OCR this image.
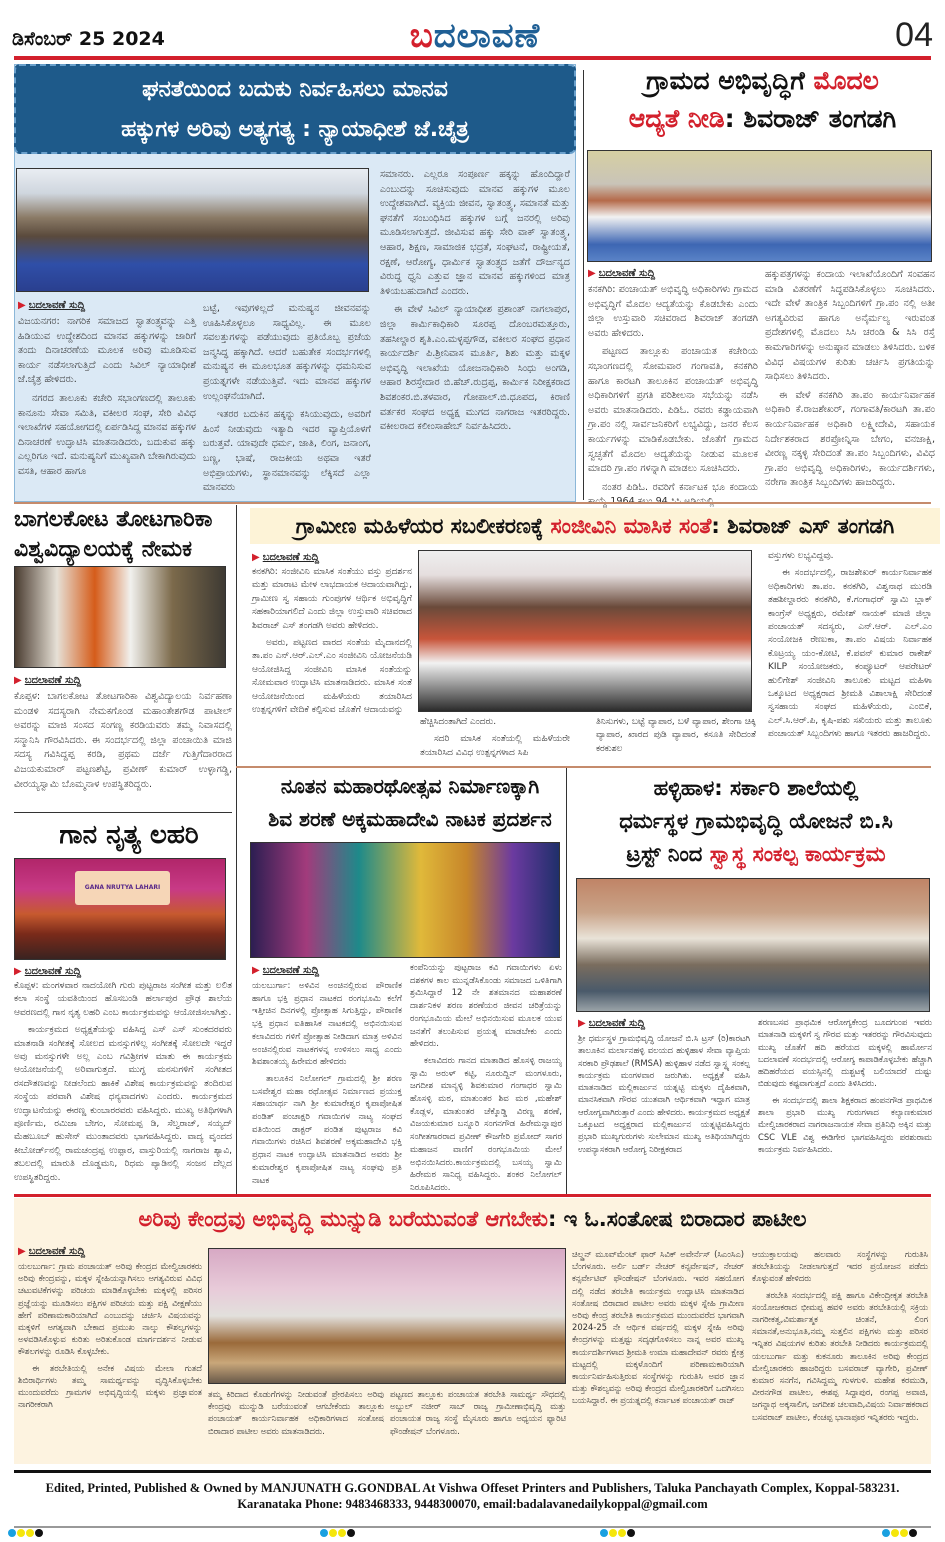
ಡಿಸೆಂಬರ್ 25 2024	ಬದಲಾವಣೆ	04
ಘನತೆಯಿಂದ ಬದುಕು ನಿರ್ವಹಿಸಲು ಮಾನವ
ಹಕ್ಕುಗಳ ಅರಿವು ಅತ್ಯಗತ್ಯ : ನ್ಯಾಯಾಧೀಶೆ ಜೆ.ಚೈತ್ರ
▶ ಬದಲಾವಣೆ ಸುದ್ದಿ

ವಿಜಯನಗರ: ನಾಗರಿಕ ಸಮಾಜದ ಸ್ವಾತಂತ್ರ್ಯವನ್ನು ಎತ್ತಿ ಹಿಡಿಯುವ ಉದ್ದೇಶದಿಂದ ಮಾನವ ಹಕ್ಕುಗಳನ್ನು ಜಾರಿಗೆ ತಂದು ದಿನಾಚರಣೆಯ ಮೂಲಕ ಅರಿವು ಮೂಡಿಸುವ ಕಾರ್ಯ ನಡೆಸಲಾಗುತ್ತಿದೆ ಎಂದು ಸಿವಿಲ್ ನ್ಯಾಯಾಧೀಶೆ ಜೆ.ಚೈತ್ರ ಹೇಳಿದರು.

ನಗರದ ತಾಲೂಕು ಕಚೇರಿ ಸಭಾಂಗಣದಲ್ಲಿ ತಾಲೂಕು ಕಾನೂನು ಸೇವಾ ಸಮಿತಿ, ವಕೀಲರ ಸಂಘ, ಸೇರಿ ವಿವಿಧ ಇಲಾಖೆಗಳ ಸಹಯೋಗದಲ್ಲಿ ಏರ್ಪಡಿಸಿದ್ದ ಮಾನವ ಹಕ್ಕುಗಳ ದಿನಾಚರಣೆ ಉದ್ಘಾಟಿಸಿ ಮಾತನಾಡಿದರು, ಬದುಕುವ ಹಕ್ಕು ಎಲ್ಲರಿಗೂ ಇದೆ. ಮನುಷ್ಯನಿಗೆ ಮುಖ್ಯವಾಗಿ ಬೇಕಾಗಿರುವುದು ವಸತಿ, ಆಹಾರ ಹಾಗೂ

ಬಟ್ಟೆ, ಇವುಗಳಿಲ್ಲದೆ ಮನುಷ್ಯನ ಜೀವನವನ್ನು ಊಹಿಸಿಕೊಳ್ಳಲೂ ಸಾಧ್ಯವಿಲ್ಲ. ಈ ಮೂಲ ಸವಲತ್ತುಗಳನ್ನು ಪಡೆಯುವುದು ಪ್ರತಿಯೊಬ್ಬ ಪ್ರಜೆಯ ಜನ್ಮಸಿದ್ಧ ಹಕ್ಕಾಗಿದೆ. ಆದರೆ ಬಹುತೇಕ ಸಂದರ್ಭಗಳಲ್ಲಿ ಮನುಷ್ಯನ ಈ ಮೂಲಭೂತ ಹಕ್ಕುಗಳನ್ನು ಧಮನಿಸುವ ಪ್ರಯತ್ನಗಳೇ ನಡೆಯುತ್ತಿವೆ. ಇದು ಮಾನವ ಹಕ್ಕುಗಳ ಉಲ್ಲಂಘನೆಯಾಗಿದೆ.

ಇತರರ ಬದುಕಿನ ಹಕ್ಕನ್ನು ಕಸಿಯುವುದು, ಅವರಿಗೆ ಹಿಂಸೆ ನೀಡುವುದು ಇತ್ಯಾದಿ ಇದರ ವ್ಯಾಪ್ತಿಯೊಳಗೆ ಬರುತ್ತವೆ. ಯಾವುದೇ ಧರ್ಮ, ಜಾತಿ, ಲಿಂಗ, ಜನಾಂಗ, ಬಣ್ಣ, ಭಾಷೆ, ರಾಜಕೀಯ ಅಥವಾ ಇತರೆ ಅಭಿಪ್ರಾಯಗಳು, ಸ್ಥಾನಮಾನವನ್ನು ಲೆಕ್ಕಿಸದೆ ಎಲ್ಲಾ ಮಾನವರು

ಸಮಾನರು. ಎಲ್ಲರೂ ಸಂಪೂರ್ಣ ಹಕ್ಕನ್ನು ಹೊಂದಿದ್ದಾರೆ ಎಂಬುದನ್ನು ಸೂಚಿಸುವುದು ಮಾನವ ಹಕ್ಕುಗಳ ಮೂಲ ಉದ್ದೇಶವಾಗಿದೆ. ವ್ಯಕ್ತಿಯ ಜೀವನ, ಸ್ವಾತಂತ್ರ್ಯ, ಸಮಾನತೆ ಮತ್ತು ಘನತೆಗೆ ಸಂಬಂಧಿಸಿದ ಹಕ್ಕುಗಳ ಬಗ್ಗೆ ಜನರಲ್ಲಿ ಅರಿವು ಮೂಡಿಸಲಾಗುತ್ತದೆ. ಜೀವಿಸುವ ಹಕ್ಕು ಸೇರಿ ವಾಕ್ ಸ್ವಾತಂತ್ರ್ಯ, ಆಹಾರ, ಶಿಕ್ಷಣ, ಸಾಮಾಜಿಕ ಭದ್ರತೆ, ಸಂಘಟನೆ, ರಾಷ್ಟ್ರೀಯತೆ, ರಕ್ಷಣೆ, ಆರೋಗ್ಯ, ಧಾರ್ಮಿಕ ಸ್ವಾತಂತ್ರ್ಯದ ಜತೆಗೆ ದೌರ್ಜನ್ಯದ ವಿರುದ್ಧ ಧ್ವನಿ ಎತ್ತುವ ಜ್ಞಾನ ಮಾನವ ಹಕ್ಕುಗಳಿಂದ ಮಾತ್ರ ತಿಳಿಯಬಹುದಾಗಿದೆ ಎಂದರು.

ಈ ವೇಳೆ ಸಿವಿಲ್ ನ್ಯಾಯಾಧೀಶ ಪ್ರಶಾಂತ್ ನಾಗಲಾಪುರ, ಜಿಲ್ಲಾ ಕಾರ್ಮಿಕಾಧಿಕಾರಿ ಸೂರಪ್ಪ ದೊಂಬರಮತ್ತೂರು, ತಹಸೀಲ್ದಾರ ಶೃತಿ.ಎಂ.ಮಳ್ಳಪ್ಪಗೌಡ, ವಕೀಲರ ಸಂಘದ ಪ್ರಧಾನ ಕಾರ್ಯದರ್ಶಿ ಪಿ.ಶ್ರೀನಿವಾಸ ಮೂರ್ತಿ, ಶಿಶು ಮತ್ತು ಮಕ್ಕಳ ಅಭಿವೃದ್ಧಿ ಇಲಾಖೆಯ ಯೋಜನಾಧಿಕಾರಿ ಸಿಂಧು ಅಂಗಡಿ, ಆಹಾರ ಶಿರಸ್ತೇದಾರ ಬಿ.ಹೆಚ್.ರುದ್ರಪ್ಪ, ಕಾರ್ಮಿಕ ನಿರೀಕ್ಷಕರಾದ ಶಿವಶಂಕರ.ಬಿ.ತಳವಾರ, ಗೋಪಾಲ್.ಬಿ.ಧೂಪದ, ಕಿರಾಣಿ ವರ್ತಕರ ಸಂಘದ ಅಧ್ಯಕ್ಷ ಮುಗದ ನಾಗರಾಜ ಇತರರಿದ್ದರು. ವಕೀಲರಾದ ಕಲೀಂಸಾಹೇಬ್ ನಿರ್ವಹಿಸಿದರು.

ಗ್ರಾಮದ ಅಭಿವೃದ್ಧಿಗೆ ಮೊದಲ
ಆದ್ಯತೆ ನೀಡಿ: ಶಿವರಾಜ್ ತಂಗಡಗಿ
▶ ಬದಲಾವಣೆ ಸುದ್ದಿ

ಕನಕಗಿರಿ: ಪಂಚಾಯತ್ ಅಭಿವೃದ್ಧಿ ಅಧಿಕಾರಿಗಳು ಗ್ರಾಮದ ಅಭಿವೃದ್ಧಿಗೆ ಮೊದಲ ಆದ್ಯತೆಯನ್ನು ಕೊಡಬೇಕು ಎಂದು ಜಿಲ್ಲಾ ಉಸ್ತುವಾರಿ ಸಚಿವರಾದ ಶಿವರಾಜ್ ತಂಗಡಗಿ ಅವರು ಹೇಳಿದರು.

ಪಟ್ಟಣದ ತಾಲ್ಲೂಕು ಪಂಚಾಯತ ಕಚೇರಿಯ ಸಭಾಂಗಣದಲ್ಲಿ ಸೋಮವಾರ ಗಂಗಾವತಿ, ಕನಕಗಿರಿ ಹಾಗೂ ಕಾರಟಗಿ ತಾಲೂಕಿನ ಪಂಚಾಯತ್ ಅಭಿವೃದ್ಧಿ ಅಧಿಕಾರಿಗಳಿಗೆ ಪ್ರಗತಿ ಪರಿಶೀಲನಾ ಸಭೆಯನ್ನು ನಡೆಸಿ ಅವರು ಮಾತನಾಡಿದರು. ಪಿಡಿಓ. ರವರು ಕಡ್ಡಾಯವಾಗಿ ಗ್ರಾ.ಪಂ ನಲ್ಲಿ ಸಾರ್ವಜನಿಕರಿಗೆ ಲಭ್ಯವಿದ್ದು, ಜನರ ಕೆಲಸ ಕಾರ್ಯಗಳನ್ನು ಮಾಡಿಕೊಡಬೇಕು. ಜೊತೆಗೆ ಗ್ರಾಮದ ಸ್ವಚ್ಛತೆಗೆ ಮೊದಲ ಆದ್ಯತೆಯನ್ನು ನೀಡುವ ಮೂಲಕ ಮಾದರಿ ಗ್ರಾ.ಪಂ ಗಳನ್ನಾಗಿ ಮಾಡಲು ಸೂಚಿಸಿದರು.

ನಂತರ ಪಿಡಿಓ. ರವರಿಗೆ ಕರ್ನಾಟಕ ಭೂ ಕಂದಾಯ

ಹಕ್ಕುಪತ್ರಗಳನ್ನು ಕಂದಾಯ ಇಲಾಖೆಯೊಂದಿಗೆ ಸಂವಹನ ಮಾಡಿ ವಿತರಣೆಗೆ ಸಿದ್ಧಪಡಿಸಿಕೊಳ್ಳಲು ಸೂಚಿಸಿದರು. ಇದೇ ವೇಳೆ ತಾಂತ್ರಿಕ ಸಿಬ್ಬಂದಿಗಳಿಗೆ ಗ್ರಾ.ಪಂ ನಲ್ಲಿ ಅತೀ ಅಗತ್ಯವಿರುವ ಹಾಗೂ ಅನೈರ್ಮಲ್ಯ ಇರುವಂತ ಪ್ರದೇಶಗಳಲ್ಲಿ ಮೊದಲು ಸಿಸಿ ಚರಂಡಿ & ಸಿಸಿ ರಸ್ತೆ ಕಾಮಗಾರಿಗಳನ್ನು ಅನುಷ್ಠಾನ ಮಾಡಲು ತಿಳಿಸಿದರು. ಬಳಿಕ ವಿವಿಧ ವಿಷಯಗಳ ಕುರಿತು ಚರ್ಚಿಸಿ ಪ್ರಗತಿಯನ್ನು ಸಾಧಿಸಲು ತಿಳಿಸಿದರು.

ಈ ವೇಳೆ ಕನಕಗಿರಿ ತಾ.ಪಂ ಕಾರ್ಯನಿರ್ವಾಹಕ ಅಧಿಕಾರಿ ಕೆ.ರಾಜಶೇಖರ್, ಗಂಗಾವತಿ/ಕಾರಟಗಿ ತಾ.ಪಂ ಕಾರ್ಯನಿರ್ವಾಹಕ ಅಧಿಕಾರಿ ಲಕ್ಷ್ಮೀದೇವಿ, ಸಹಾಯಕ ನಿರ್ದೇಶಕರಾದ ಶರಪ್ರೋನ್ನಿಸಾ ಬೇಗಂ, ವನಜಾಕ್ಷಿ, ವೀರಣ್ಣ ನಕ್ಕಳ್ಳಿ ಸೇರಿದಂತೆ ತಾ.ಪಂ ಸಿಬ್ಬಂದಿಗಳು, ವಿವಿಧ ಗ್ರಾ.ಪಂ ಅಭಿವೃದ್ಧಿ ಅಧಿಕಾರಿಗಳು, ಕಾರ್ಯದರ್ಶಿಗಳು, ನರೇಗಾ ತಾಂತ್ರಿಕ ಸಿಬ್ಬಂದಿಗಳು ಹಾಜರಿದ್ದರು.

ಬಾಗಲಕೋಟ ತೋಟಗಾರಿಕಾ
ವಿಶ್ವವಿದ್ಯಾಲಯಕ್ಕೆ ನೇಮಕ
▶ ಬದಲಾವಣೆ ಸುದ್ದಿ

ಕೊಪ್ಪಳ: ಬಾಗಲಕೋಟ ತೋಟಗಾರಿಕಾ ವಿಶ್ವವಿದ್ಯಾಲಯ ನಿರ್ವಹಣಾ ಮಂಡಳಿ ಸದಸ್ಯರಾಗಿ ನೇಮಕಗೊಂಡ ಮಹಾಂತೇಶಗೌಡ ಪಾಟೀಲ್ ಅವರನ್ನು ಮಾಜಿ ಸಂಸದ ಸಂಗಣ್ಣ ಕರಡಿಯವರು ತಮ್ಮ ನಿವಾಸದಲ್ಲಿ ಸನ್ಮಾನಿಸಿ ಗೌರವಿಸಿದರು. ಈ ಸಂದರ್ಭದಲ್ಲಿ ಜಿಲ್ಲಾ ಪಂಚಾಯಿತಿ ಮಾಜಿ ಸದಸ್ಯ ಗವಿಸಿದ್ದಪ್ಪ ಕರಡಿ, ಪ್ರಥಮ ದರ್ಜೆ ಗುತ್ತಿಗೆದಾರರಾದ ವಿಜಯಕುಮಾರ್ ಪಟ್ಟಣಶೆಟ್ಟಿ, ಪ್ರವೀಣ್ ಕುಮಾರ್ ಉಳ್ಳಾಗಡ್ಡಿ, ವೀರಯ್ಯಸ್ವಾಮಿ ಬೊಮ್ಮನಾಳ ಉಪಸ್ಥಿತರಿದ್ದರು.

ಗ್ರಾಮೀಣ ಮಹಿಳೆಯರ ಸಬಲೀಕರಣಕ್ಕೆ ಸಂಜೀವಿನಿ ಮಾಸಿಕ ಸಂತೆ: ಶಿವರಾಜ್ ಎಸ್ ತಂಗಡಗಿ
▶ ಬದಲಾವಣೆ ಸುದ್ದಿ

ಕನಕಗಿರಿ: ಸಂಜೀವಿನಿ ಮಾಸಿಕ ಸಂತೆಯು ವಸ್ತು ಪ್ರದರ್ಶನ ಮತ್ತು ಮಾರಾಟ ಮೇಳ ಲಾಭದಾಯಕ ಆದಾಯವಾಗಿದ್ದು, ಗ್ರಾಮೀಣ ಸ್ವ ಸಹಾಯ ಗುಂಪುಗಳ ಆರ್ಥಿಕ ಅಭಿವೃದ್ಧಿಗೆ ಸಹಕಾರಿಯಾಗಲಿದೆ ಎಂದು ಜಿಲ್ಲಾ ಉಸ್ತುವಾರಿ ಸಚಿವರಾದ ಶಿವರಾಜ್ ಎಸ್ ತಂಗಡಗಿ ಅವರು ಹೇಳಿದರು.

ಅವರು, ಪಟ್ಟಣದ ವಾರದ ಸಂತೆಯ ಮೈದಾನದಲ್ಲಿ ತಾ.ಪಂ ಎನ್.ಆರ್.ಎಲ್.ಎಂ ಸಂಜೀವಿನಿ ಯೋಜನೆಯಡಿ ಆಯೋಜಿಸಿದ್ದ ಸಂಜೀವಿನಿ ಮಾಸಿಕ ಸಂತೆಯನ್ನು ಸೋಮವಾರ ಉದ್ಘಾಟಿಸಿ ಮಾತನಾಡಿದರು. ಮಾಸಿಕ ಸಂತೆ ಆಯೋಜನೆಯಿಂದ ಮಹಿಳೆಯರು ತಯಾರಿಸಿದ ಉತ್ಪನ್ನಗಳಿಗೆ ವೇದಿಕೆ ಕಲ್ಪಿಸುವ ಜೊತೆಗೆ ಆದಾಯವನ್ನು

ಹೆಚ್ಚಿಸಿದಂತಾಗಿದೆ ಎಂದರು.

ಸದರಿ ಮಾಸಿಕ ಸಂತೆಯಲ್ಲಿ ಮಹಿಳೆಯರೇ ತಯಾರಿಸಿದ ವಿವಿಧ ಉತ್ಪನ್ನಗಳಾದ ಸಿಪಿ

ತಿನಿಸುಗಳು, ಬಟ್ಟೆ ವ್ಯಾಪಾರ, ಬಳೆ ವ್ಯಾಪಾರ, ಶೇಂಗಾ ಚಿಕ್ಕಿ ವ್ಯಾಪಾರ, ಖಾರದ ಪುಡಿ ವ್ಯಾಪಾರ, ಕಸೂತಿ ಸೇರಿದಂತೆ ಕರಕುಶಲ

ವಸ್ತುಗಳು ಲಭ್ಯವಿದ್ದವು.

ಈ ಸಂದರ್ಭದಲ್ಲಿ, ರಾಜಶೇಖರ್ ಕಾರ್ಯನಿರ್ವಾಹಕ ಅಧಿಕಾರಿಗಳು ತಾ.ಪಂ. ಕನಕಗಿರಿ, ವಿಶ್ವನಾಥ ಮುರಡಿ ತಹಶೀಲ್ದಾರರು ಕನಕಗಿರಿ, ಕೆ.ಗಂಗಾಧರ್ ಸ್ವಾಮಿ ಬ್ಲಾಕ್ ಕಾಂಗ್ರೆಸ್ ಅಧ್ಯಕ್ಷರು, ರಮೇಶ್ ನಾಯಕ್ ಮಾಜಿ ಜಿಲ್ಲಾ ಪಂಚಾಯತ್ ಸದಸ್ಯರು, ಎನ್.ಆರ್. ಎಲ್.ಎಂ ಸಂಯೋಜಕಿ ರೇಣುಕಾ, ತಾ.ಪಂ ವಿಷಯ ನಿರ್ವಾಹಕ ಕೊಟ್ರಯ್ಯ ಯಂ-ಕೋಟಿ, ಕೆ.ಪವನ್ ಕುಮಾರ ರಾಕೇಶ್ KILP ಸಂಯೋಜಕರು, ಕಂಪ್ಯೂಟರ್ ಆಪರೇಟರ್ ಹುಲಿಗೇಶ್ ಸಂಜೀವಿನಿ ತಾಲೂಕು ಮಟ್ಟದ ಮಹಿಳಾ ಒಕ್ಕೂಟದ ಅಧ್ಯಕ್ಷರಾದ ಶ್ರೀಮತಿ ವಿಶಾಲಾಕ್ಷಿ ಸೇರಿದಂತೆ ಸ್ವಸಹಾಯ ಸಂಘದ ಮಹಿಳೆಯರು, ಎಂಬಿಕೆ, ಎಲ್.ಸಿ.ಆರ್.ಪಿ, ಕೃಷಿ-ಪಶು ಸಖಿಯರು ಮತ್ತು ತಾಲೂಕು ಪಂಚಾಯತ್ ಸಿಬ್ಬಂದಿಗಳು ಹಾಗೂ ಇತರರು ಹಾಜರಿದ್ದರು.

ಗಾನ ನೃತ್ಯ ಲಹರಿ
GANA NRUTYA LAHARI
▶ ಬದಲಾವಣೆ ಸುದ್ದಿ

ಕೊಪ್ಪಳ: ಮಂಗಳವಾರ ನಾದಯೋಗಿ ಗುರು ಪುಟ್ಟರಾಜ ಸಂಗೀತ ಮತ್ತು ಲಲಿತ ಕಲಾ ಸಂಸ್ಥೆ ಯವತಿಯಿಂದ ಹೊಸಬಂಡಿ ಹರ್ಲಾಪುರ ಪ್ರೌಢ ಶಾಲೆಯ ಆವರಣದಲ್ಲಿ ಗಾನ ನೃತ್ಯ ಲಹರಿ ಎಂಬ ಕಾರ್ಯಕ್ರಮವನ್ನು ಆಯೋಜಿಸಲಾಗಿತ್ತು.

ಕಾರ್ಯಕ್ರಮದ ಅಧ್ಯಕ್ಷತೆಯನ್ನು ವಹಿಸಿದ್ದ ಎಸ್ ಎಸ್ ಸುಂಕದರವರು ಮಾತನಾಡಿ ಸಂಗೀತಕ್ಕೆ ಸೋಲದ ಮನಸ್ಸುಗಳಿಲ್ಲ ಸಂಗೀತಕ್ಕೆ ಸೋಲದೇ ಇದ್ದರೆ ಅವು ಮನಸ್ಸುಗಳೇ ಅಲ್ಲ ಎಂಬ ಗವಿಶ್ರೀಗಳ ಮಾತು ಈ ಕಾರ್ಯಕ್ರಮ ಆಯೋಜನೆಯಲ್ಲಿ ಅರಿವಾಗುತ್ತದೆ. ಮುಗ್ಧ ಮನಸುಗಳಿಗೆ ಸಂಗೀತದ ರಸದೌತಣವನ್ನು ನೀಡಲೆಂದು ಹಾಕಿಕೆ ವಿಶೇಷ ಕಾರ್ಯಕ್ರಮವನ್ನು ತಂದಿರುವ ಸಂಸ್ಥೆಯ ಪರವಾಗಿ ವಿಶೇಷ ಧನ್ಯವಾದಗಳು ಎಂದರು. ಕಾರ್ಯಕ್ರಮದ ಉದ್ಘಾಟನೆಯನ್ನು ಈರಣ್ಣ ಕುಂಬಾರರವರು ವಹಿಸಿದ್ದರು. ಮುಖ್ಯ ಅತಿಥಿಗಳಾಗಿ ಪೂರ್ಣಿಮ, ರಮಿಜಾ ಬೇಗಂ, ಸೋಮಪ್ಪ ಡಿ, ಸೆಲ್ವರಾಜ್, ಸಯ್ಯದ್ ಮೆಹಬೂಬ್ ಹುಸೇನ್ ಮುಂತಾದವರು ಭಾಗವಹಿಸಿದ್ದರು. ವಾದ್ಯ ವೃಂದದ ಕೀಬೋರ್ಡ್‌ನಲ್ಲಿ ರಾಮಚಂದ್ರಪ್ಪ ಉಪ್ಪಾರ, ವಾಸ್ತುರಿಯಲ್ಲಿ ನಾಗರಾಜ ಶ್ಯಾವಿ, ತಬಲದಲ್ಲಿ ಮಾರುತಿ ದೊಡ್ಡಮನಿ, ರಿಧಮ ಪ್ಯಾಡಿನಲ್ಲಿ ಸಂಜನ ದೆಲ್ಲದ ಉಪಸ್ಥಿತರಿದ್ದರು.

ನೂತನ ಮಹಾರಥೋತ್ಸವ ನಿರ್ಮಾಣಕ್ಕಾಗಿ
ಶಿವ ಶರಣೆ ಅಕ್ಕಮಹಾದೇವಿ ನಾಟಕ ಪ್ರದರ್ಶನ
▶ ಬದಲಾವಣೆ ಸುದ್ದಿ

ಯಲಬುರ್ಗಾ: ಅಳಿವಿನ ಅಂಚಿನಲ್ಲಿರುವ ಪೌರಾಣಿಕ ಹಾಗೂ ಭಕ್ತಿ ಪ್ರಧಾನ ನಾಟಕದ ರಂಗಭೂಮಿ ಕಲೆಗೆ ಇತ್ತೀಚಿನ ದಿನಗಳಲ್ಲಿ ಪ್ರೋತ್ಸಾಹ ಸಿಗುತ್ತಿದ್ದು, ಪೌರಾಣಿಕ ಭಕ್ತಿ ಪ್ರಧಾನ ಐತಿಹಾಸಿಕ ನಾಟಕದಲ್ಲಿ ಅಭಿನಯಿಸುವ ಕಲಾವಿದರು ಗಳಿಗೆ ಪ್ರೋತ್ಸಾಹ ನೀಡಿದಾಗ ಮಾತ್ರ ಅಳಿವಿನ ಅಂಚಿನಲ್ಲಿರುವ ನಾಟಕಗಳನ್ನ ಉಳಿಸಲು ಸಾಧ್ಯ ಎಂದು ಶಿವಶಾಂತಯ್ಯ ಹಿರೇಮಠ ಹೇಳಿದರು

ತಾಲೂಕಿನ ನಿಲೋಗಲ್ ಗ್ರಾಮದಲ್ಲಿ ಶ್ರೀ ಶರಣ ಬಸವೇಶ್ವರ ಮಹಾ ರಥೋತ್ಸವ ನಿರ್ಮಾಣದ ಪ್ರಯುಕ್ತ ಸಹಾಯಾರ್ಥ ನಾಗಿ ಶ್ರೀ ಕುಮಾರೇಶ್ವರ ಕೃಪಾಪೋಷಿತ ಪಂಡಿತ್ ಪಂಚಾಕ್ಷರಿ ಗವಾಯಿಗಳ ನಾಟ್ಯ ಸಂಘದ ವತಿಯಿಂದ ಡಾಕ್ಟರ್ ಪಂಡಿತ ಪುಟ್ಟರಾಜ ಕವಿ ಗವಾಯಿಗಳು ರಚಿಸಿದ ಶಿವಶರಣೆ ಅಕ್ಕಮಹಾದೇವಿ ಭಕ್ತಿ ಪ್ರಧಾನ ನಾಟಕ ಉದ್ಘಾಟಿಸಿ ಮಾತನಾಡಿದ ಅವರು ಶ್ರೀ ಕುಮಾರೇಶ್ವರ ಕೃಪಾಪೋಷಿತ ನಾಟ್ಯ ಸಂಘವು ಪ್ರತಿ ನಾಟಕ

ಕಂಪೆನಿಯನ್ನು ಪುಟ್ಟರಾಜ ಕವಿ ಗವಾಯಿಗಳು ಏಳು ದಶಕಗಳ ಕಾಲ ಮುನ್ನಡೆಸಿಕೊಂಡು ಸಮಾಜದ ಒಳಿತಿಗಾಗಿ ಶ್ರಮಿಸಿದ್ದಾರೆ 12 ನೇ ಶತಮಾನದ ಮಹಾಶರಣೆ ದಾರ್ಶನಿಕಳ ಶರಣ ಶರಣೆಯರ ಜೀವನ ಚರಿತ್ರೆಯನ್ನು ರಂಗಭೂಮಿಯ ಮೇಲೆ ಅಭಿನಯಿಸುವ ಮೂಲಕ ಯುವ ಜನತೆಗೆ ತಲುಪಿಸುವ ಪ್ರಯತ್ನ ಮಾಡಬೇಕು ಎಂದು ಹೇಳಿದರು.

ಕಲಾವಿದರು ಗಾನದ ಮಾತಾಡಿದ ಹೊಸಳ್ಳಿ ರಾಜಯ್ಯ ಸ್ವಾಮಿ ಅರುಳ್ ಕಟ್ಟಿ, ನೂರುದ್ದಿನ್ ಮಂಗಳೂರು, ಜಗದೀಶ ಮಾನ್ಯಳ್ಳಿ ಶಿವಕುಮಾರ ಗಂಗಾಧರ ಸ್ವಾಮಿ ಹೊಸಳ್ಳಿ ಮಠ, ಮಾತುಂತರ ಶಿವ ಮಠ ,ಮಹೇಶ್ ಕೊಡ್ಲಳ, ಮಾತುಂತರ ಚೆಕ್ಕೊಡ್ಡಿ ವಿರಣ್ಣ ಶರಣೆ, ವಿಜಯಕುಮಾರ ಬನ್ನೂರಿ ಸಂಗನಗೌಡ ಹಿರೇಮನ್ನಾಪುರ ಸಂಗೀತಗಾರರಾದ ಪ್ರವೀಣ್ ಕೌಜಗೇರಿ ಪ್ರಮೋದ್ ಸಾಗರ ಮಹಾಜನ ವಾಣಿಗೆ ರಂಗಭೂಮಿಯ ಮೇಲೆ ಅಭಿನಯಿಸಿದರು.ಕಾರ್ಯಕ್ರಮದಲ್ಲಿ ಬಸಯ್ಯ ಸ್ವಾಮಿ ಹಿರೇಮಠ ಸಾನಿಧ್ಯ ವಹಿಸಿದ್ದರು. ಶಂಕರ ನಿಲೋಗಲ್ ನಿರೂಪಿಸಿದರು.

ಹಳ್ಳಿಹಾಳ: ಸರ್ಕಾರಿ ಶಾಲೆಯಲ್ಲಿ
ಧರ್ಮಸ್ಥಳ ಗ್ರಾಮಭಿವೃದ್ಧಿ ಯೋಜನೆ ಬಿ.ಸಿ
ಟ್ರಸ್ಟ್ ನಿಂದ ಸ್ವಾಸ್ಥ ಸಂಕಲ್ಪ ಕಾರ್ಯಕ್ರಮ
▶ ಬದಲಾವಣೆ ಸುದ್ದಿ

ಶ್ರೀ ಧರ್ಮಸ್ಥಳ ಗ್ರಾಮಭಿವೃದ್ಧಿ ಯೋಜನೆ ಬಿ.ಸಿ ಟ್ರಸ್ (ರಿ)ಕಾರಟಗಿ ತಾಲೂಕಿನ ಮರ್ಲಾನಹಳ್ಳಿ ವಲಯದ ಹುಳ್ಳಿಹಾಳ ಸೇವಾ ವ್ಯಾಪ್ತಿಯ ಸರಕಾರಿ ಪ್ರೌಢಶಾಲೆ (RMSA) ಹುಳ್ಳಿಹಾಳ ನಡೆದ ಸ್ವಾಸ್ಥ್ಯ ಸಂಕಲ್ಪ ಕಾರ್ಯಕ್ರಮ ಮಂಗಳವಾರ ಜರುಗಿತು. ಅಧ್ಯಕ್ಷತೆ ವಹಿಸಿ ಮಾತನಾಡಿದ ಮಲ್ಲಿಕಾರ್ಜುನ ಯತ್ನಟ್ಟಿ ಮಕ್ಕಳು ದೈಹಿಕವಾಗಿ, ಮಾನಸಿಕವಾಗಿ ಗೌರವ ಯುತವಾಗಿ ಆರ್ಥಿಕವಾಗಿ ಇದ್ದಾಗ ಮಾತ್ರ ಆರೋಗ್ಯವಾಗಿರುತ್ತಾರೆ ಎಂದು ಹೇಳಿದರು. ಕಾರ್ಯಕ್ರಮದ ಅಧ್ಯಕ್ಷತೆ ಒಕ್ಕೂಟದ ಅಧ್ಯಕ್ಷರಾದ ಮಲ್ಲಿಕಾರ್ಜುನ ಯತ್ನಟ್ಟಿವಹಿಸಿದ್ದರು ಪ್ರಭಾರಿ ಮುಖ್ಯಗುರುಗಳು ಸುಲೇಮಾನ ಮುಖ್ಯ ಅತಿಥಿಯಾಗಿದ್ದರು ಉಪನ್ಯಾಸಕರಾಗಿ ಆರೋಗ್ಯ ನಿರೀಕ್ಷಕರಾದ

ಶರಣಬಸವ ಪ್ರಾಥಮಿಕ ಆರೋಗ್ಯಕೇಂದ್ರ ಬೂದಗುಂಪ ಇವರು ಮಾತನಾಡಿ ಮಕ್ಕಳಿಗೆ ಸ್ವ ಗೌರವ ಮತ್ತು ಇತರರನ್ನು ಗೌರವಿಸುವುದು ಮುಖ್ಯ ಜೊತೆಗೆ ಹದಿ ಹರೆಯದ ಮಕ್ಕಳಲ್ಲಿ ಹಾರ್ಮೋನ ಬದಲಾವಣೆ ಸಂದರ್ಭದಲ್ಲಿ ಆರೋಗ್ಯ ಕಾಪಾಡಿಕೊಳ್ಳಬೇಕು ಹೆಚ್ಚಾಗಿ ಹದಿಹರೆಯದ ವಯಸ್ಸಿನಲ್ಲಿ ದುಶ್ಚಟಕ್ಕೆ ಬಲಿಯಾದರೆ ದುಷ್ಟು ಬಿಡುವುದು ಕಷ್ಟವಾಗುತ್ತದೆ ಎಂದು ತಿಳಿಸಿದರು.

ಈ ಸಂದರ್ಭದಲ್ಲಿ ಶಾಲಾ ಶಿಕ್ಷಕರಾದ ಹಂಪನಗೌಡ ಪ್ರಾಥಮಿಕ ಶಾಲಾ ಪ್ರಭಾರಿ ಮುಖ್ಯ ಗುರುಗಳಾದ ಕಲ್ಯಾಣಕುಮಾರ ಮೇಲ್ವಿಚಾರಕರಾದ ನಾಗರಾಜನಾಯಕ ಸೇವಾ ಪ್ರತಿನಿಧಿ ಅಕ್ಕಿನ ಮತ್ತು CSC VLE ವಿಶ್ವ ಈಡಿಗೇರ ಭಾಗವಹಿಸಿದ್ದರು ಪರಶುರಾಮ ಕಾರ್ಯಕ್ರಮ ನಿರ್ವಹಿಸಿದರು.

ಅರಿವು ಕೇಂದ್ರವು ಅಭಿವೃದ್ಧಿ ಮುನ್ನುಡಿ ಬರೆಯುವಂತೆ ಆಗಬೇಕು: ಇ ಓ.ಸಂತೋಷ ಬಿರಾದಾರ ಪಾಟೀಲ
▶ ಬದಲಾವಣೆ ಸುದ್ದಿ

ಯಲಬುರ್ಗಾ: ಗ್ರಾಮ ಪಂಚಾಯತ್ ಅರಿವು ಕೇಂದ್ರದ ಮೇಲ್ವಿಚಾರಕರು ಅರಿವು ಕೇಂದ್ರವನ್ನು, ಮಕ್ಕಳ ಸ್ನೇಹಿಯನ್ನಾಗಿಸಲು ಅಗತ್ಯವಿರುವ ವಿವಿಧ ಚಟುವಟಿಕೆಗಳನ್ನು ಪರಿಚಯ ಮಾಡಿಕೊಳ್ಳಬೇಕು ಮಕ್ಕಳಲ್ಲಿ ಪರಿಸರ ಪ್ರಜ್ಞೆಯನ್ನು ಮೂಡಿಸಲು ಪಕ್ಷಿಗಳ ಪರಿಚಯ ಮತ್ತು ಪಕ್ಷಿ ವೀಕ್ಷಣೆಯು ಹೇಗೆ ಪರಿಣಾಮಕಾರಿಯಾಗಿದೆ ಎಂಬುದನ್ನು ಚರ್ಚಿಸಿ ವಿಷಯವನ್ನು ಮಕ್ಕಳಿಗೆ ಅಗತ್ಯವಾಗಿ ಬೇಕಾದ ಪ್ರಮುಖ ನಾಲ್ಕು ಕೌಶಲ್ಯಗಳನ್ನು ಅಳವಡಿಸಿಕೊಳ್ಳುವ ಕುರಿತು ಅರಿತುಕೊಂಡ ಮಾರ್ಗದರ್ಶನ ನೀಡುವ ಕೌಶಲಗಳನ್ನು ರೂಡಿಸಿ ಕೊಳ್ಳಬೇಕು.

ಈ ತರಬೇತಿಯಲ್ಲಿ ಅನೇಕ ವಿಷಯ ಮೇಲಾ ಗುತದೆ ಶಿಬಿರಾರ್ಥಿಗಳು ತಮ್ಮ ಸಾಮರ್ಥ್ಯವನ್ನು ವೃದ್ಧಿಸಿಕೊಳ್ಳಬೇಕು ಮುಂದುವರೆದು ಗ್ರಾಮಗಳ ಅಭಿವೃದ್ಧಿಯಲ್ಲಿ ಮಕ್ಕಳು ಪ್ರಜ್ಞಾವಂತ ನಾಗರೀಕರಾಗಿ

ತಮ್ಮ ಕಿರಿದಾದ ಕೊಡುಗೆಗಳನ್ನು ನೀಡುವಂತೆ ಪ್ರೇರಪಿಸಲು ಅರಿವು ಕೇಂದ್ರವು ಮುನ್ನುಡಿ ಬರೆಯುವಂತೆ ಆಗಬೇಕೆಂದು ತಾಲ್ಲೂಕು ಪಂಚಾಯತ್ ಕಾರ್ಯನಿರ್ವಾಹಕ ಅಧಿಕಾರಿಗಳಾದ ಸಂತೋಷ ಬಿರಾದಾರ ಪಾಟೀಲ ಅವರು ಮಾತನಾಡಿದರು.

ಪಟ್ಟಣದ ತಾಲ್ಲೂಕು ಪಂಚಾಯತ ತರಬೇತಿ ಸಾಮರ್ಥ್ಯ ಸೌಧದಲ್ಲಿ ಅಬ್ದುಲ್ ನಜೀರ್ ಸಾಬ್ ರಾಜ್ಯ ಗ್ರಾಮೀಣಾಭಿವೃದ್ಧಿ ಮತ್ತು ಪಂಚಾಯತ ರಾಜ್ಯ ಸಂಸ್ಥೆ ಮೈಸೂರು ಹಾಗೂ ಅಧ್ಯಯನ ಫ್ಯಾರಿಟಿ ಫೌಂಡೇಷನ್ ಬೆಂಗಳೂರು.

ಚಿಲ್ಡ್ರನ್ ಮೂವ್‌ಮೆಂಟ್ ಫಾರ್ ಸಿವಿಕ್ ಅವೇರ್ನೆಸ್ (ಸಿಎಂಸಿಎ) ಬೆಂಗಳೂರು. ಅರ್ಲಿ ಬರ್ಡ್ ನೇಚರ್ ಕನ್ಸರ್ವೇಷನ್, ನೇಚರ್ ಕನ್ಸರ್ವೇಟಿವ್ ಫೌಂಡೇಷನ್ ಬೆಂಗಳೂರು. ಇವರ ಸಹಯೋಗ ದಲ್ಲಿ ನಡೆದ ತರಬೇತಿ ಕಾರ್ಯಕ್ರಮ ಉದ್ಘಾಟಿಸಿ ಮಾತನಾಡಿದ ಸಂತೋಷ ಬಿರಾದಾರ ಪಾಟೀಲ ಅವರು ಮಕ್ಕಳ ಸ್ನೇಹಿ ಗ್ರಾಮೀಣ ಅರಿವು ಕೇಂದ್ರ ತರಬೇತಿ ಕಾರ್ಯಕ್ರಮದ ಮುಂದುವರೆದ ಭಾಗವಾಗಿ 2024-25 ನೇ ಆರ್ಥಿಕ ವರ್ಷದಲ್ಲಿ ಮಕ್ಕಳ ಸ್ನೇಹಿ ಅರಿವು ಕೇಂದ್ರಗಳನ್ನು ಮತ್ತಷ್ಟು ಸದೃಢಗೊಳಿಸಲು ನಾನ್ನ ಅವರ ಮುಖ್ಯ ಕಾರ್ಯದರ್ಶಿಗಳಾದ ಶ್ರೀಮತಿ ಉಮಾ ಮಹಾದೇವನ್ ರವರು ಕ್ಷೇತ್ರ ಮಟ್ಟದಲ್ಲಿ ಮಕ್ಕಳೊಂದಿಗೆ ಪರಿಣಾಮಕಾರಿಯಾಗಿ ಕಾರ್ಯನಿರ್ವಹಿಸುತ್ತಿರುವ ಸಂಸ್ಥೆಗಳನ್ನು ಗುರುತಿಸಿ ಅವರ ಜ್ಞಾನ ಮತ್ತು ಕೌಶಲ್ಯವನ್ನು ಅರಿವು ಕೇಂದ್ರದ ಮೇಲ್ವಿಚಾರಕರಿಗೆ ಒದಗಿಸಲು ಬಯಸಿದ್ದಾರೆ. ಈ ಪ್ರಯತ್ನದಲ್ಲಿ ಕರ್ನಾಟಕ ಪಂಚಾಯತ್ ರಾಜ್

ಆಯುಕ್ತಾಲಯವು ಹಲವಾರು ಸಂಸ್ಥೆಗಳನ್ನು ಗುರುತಿಸಿ ತರಬೇತಿಯನ್ನು ನೀಡಲಾಗುತ್ತದೆ ಇದರ ಪ್ರಯೋಜನ ಪಡೆದು ಕೊಳ್ಳುವಂತೆ ಹೇಳಿದರು

ತರಬೇತಿ ಸಂದರ್ಭದಲ್ಲಿ ಪಕ್ಷಿ ಹಾಗೂ ವಿಕೇಂದ್ರೀಕೃತ ತರಬೇತಿ ಸಂಯೋಜಕರಾದ ಭೀಮಪ್ಪ ಹವಳಿ ಅವರು ತರಬೇತಿಯಲ್ಲಿ ಸಕ್ರಿಯ ನಾಗರೀಕತ್ವ,ವಿಮರ್ಶಾತ್ಮಕ ಚಿಂತನೆ, ಲಿಂಗ ಸಮಾನತೆ,ಅನುಭೂತಿ,ನಮ್ಮ ಸುತ್ತಲಿನ ಪಕ್ಷಿಗಳು ಮತ್ತು ಪರಿಸರ ಇನ್ನಿತರ ವಿಷಯಗಳ ಕುರಿತು ತರಬೇತಿ ನೀಡಿದರು ಕಾರ್ಯಕ್ರಮದಲ್ಲಿ ಯಲಬುರ್ಗಾ ಮತ್ತು ಕುಕನೂರು ತಾಲೂಕಿನ ಅರಿವು ಕೇಂದ್ರದ ಮೇಲ್ವಿಚಾರಕರು ಹಾಜರಿದ್ದರು ಬಸವರಾಜ್ ವ್ಯಾಗೇರಿ, ಪ್ರವೀಣ್ ಕುಮಾರ ಸನಗೆನ, ಗವಿಸಿದ್ದಮ್ಮ ಗುಳಗುಳಿ. ಮಹೇಶ ಕರಮುಡಿ, ವೀರನಗೌಡ ಪಾಟೀಲ, ಈಶಪ್ಪ ಸಿದ್ದಾಪುರ, ರಂಗಪ್ಪ ಅವಾಜಿ, ಜಗನ್ನಾಥ ಅಕ್ಕಸಾಲಿಗ, ಜಗದೀಶ ಚಲವಾದಿ,ವಿಷಯ ನಿರ್ವಾಹಕರಾದ ಬಸವರಾಜ್ ಪಾಟೀಲ, ಕೆಂಚಪ್ಪ ಭಾನಾಪೂರ ಇನ್ನಿತರರು ಇದ್ದರು.

Edited, Printed, Published & Owned by MANJUNATH G.GONDBAL At Vishwa Offeset Printers and Publishers, Taluka Panchayath Complex, Koppal-583231.
Karanataka Phone: 9483468333, 9448300070, email:badalavanedailykoppal@gmail.com
